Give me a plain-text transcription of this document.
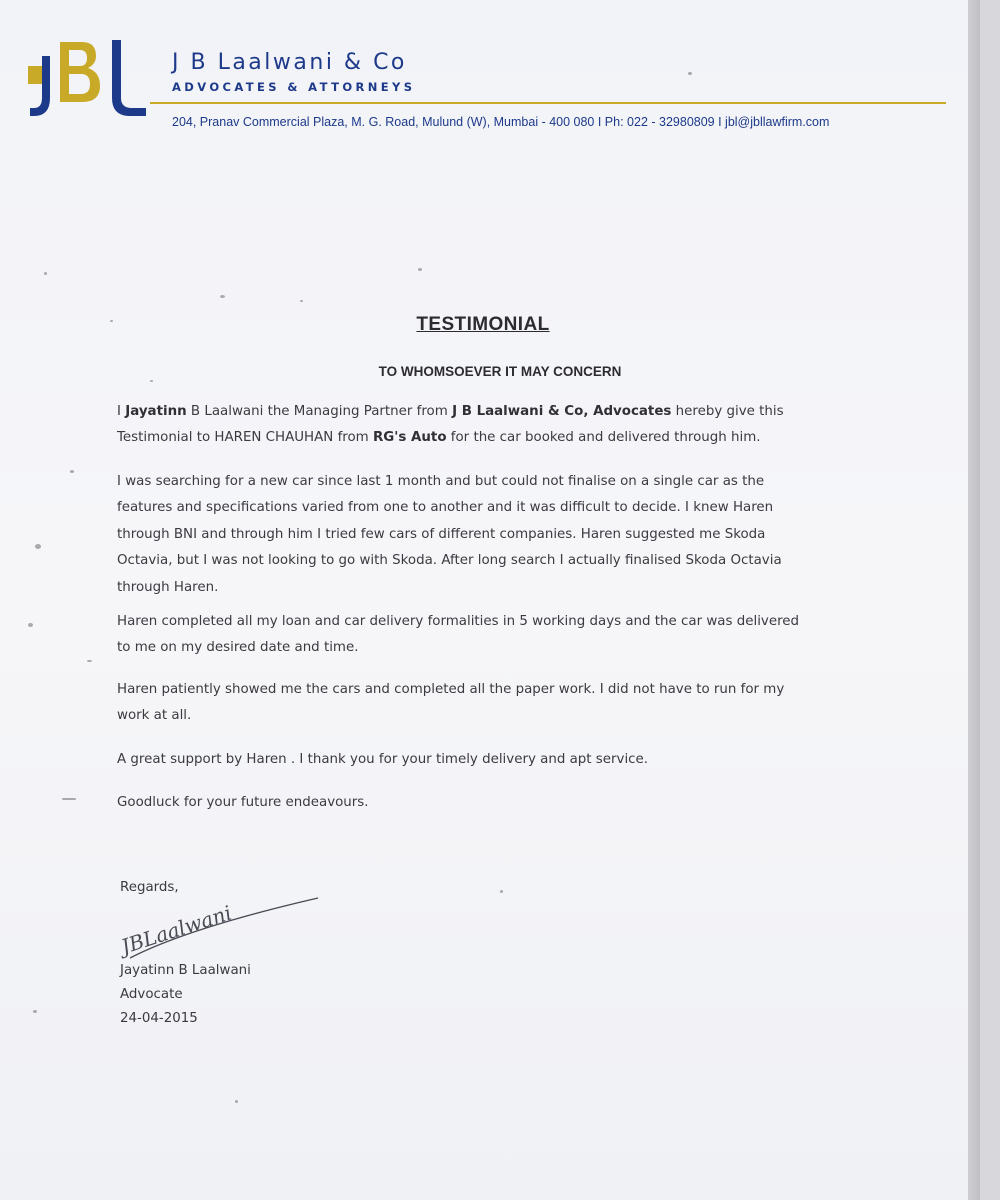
J B Laalwani & Co
ADVOCATES & ATTORNEYS
204, Pranav Commercial Plaza, M. G. Road, Mulund (W), Mumbai - 400 080 I Ph: 022 - 32980809 I jbl@jbllawfirm.com
TESTIMONIAL
TO WHOMSOEVER IT MAY CONCERN
I Jayatinn B Laalwani the Managing Partner from J B Laalwani & Co, Advocates hereby give this
Testimonial to HAREN CHAUHAN from RG's Auto for the car booked and delivered through him.
I was searching for a new car since last 1 month and but could not finalise on a single car as the
features and specifications varied from one to another and it was difficult to decide. I knew Haren
through BNI and through him I tried few cars of different companies. Haren suggested me Skoda
Octavia, but I was not looking to go with Skoda. After long search I actually finalised Skoda Octavia
through Haren.
Haren completed all my loan and car delivery formalities in 5 working days and the car was delivered
to me on my desired date and time.
Haren patiently showed me the cars and completed all the paper work. I did not have to run for my
work at all.
A great support by Haren . I thank you for your timely delivery and apt service.
Goodluck for your future endeavours.
Regards,
JBLaalwani
Jayatinn B Laalwani
Advocate
24-04-2015
